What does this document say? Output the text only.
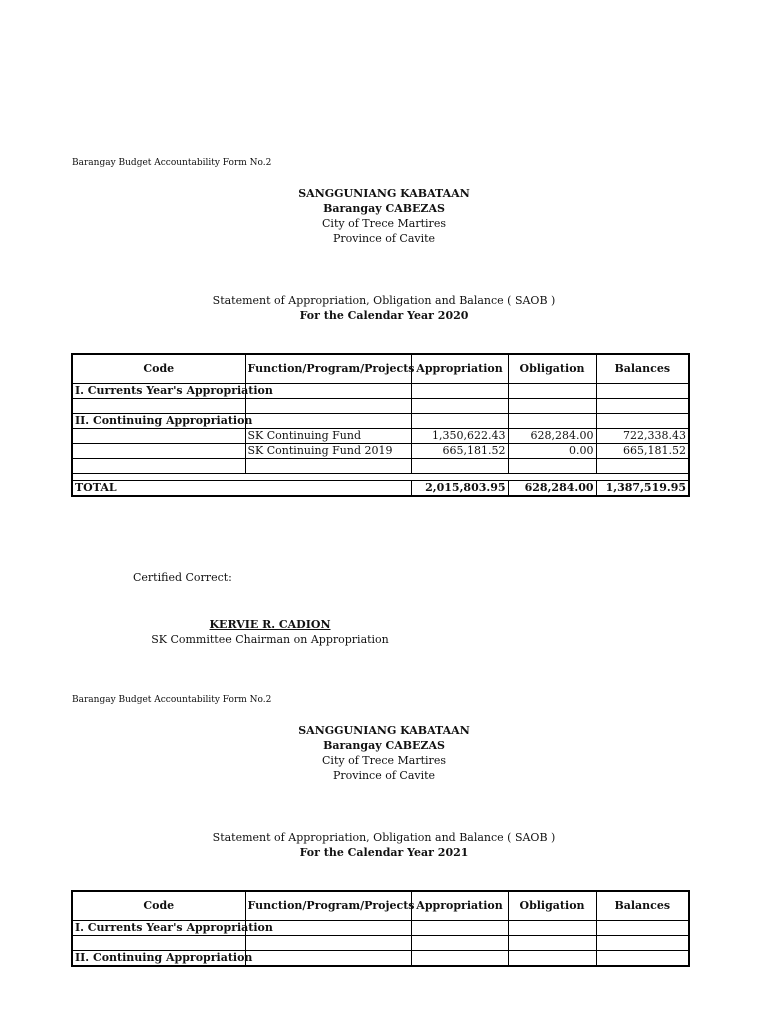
Barangay Budget Accountability Form No.2
SANGGUNIANG KABATAAN
Barangay CABEZAS
City of Trece Martires
Province of Cavite
Statement of Appropriation, Obligation and Balance ( SAOB )
For the Calendar Year 2020
Code	Function/Program/Projects	Appropriation	Obligation	Balances
I. Currents Year's Appropriation				

II. Continuing Appropriation				
	SK Continuing Fund	1,350,622.43	628,284.00	722,338.43
	SK Continuing Fund 2019	665,181.52	0.00	665,181.52

TOTAL		2,015,803.95	628,284.00	1,387,519.95
Certified Correct:
KERVIE R. CADION
SK Committee Chairman on Appropriation
Barangay Budget Accountability Form No.2
SANGGUNIANG KABATAAN
Barangay CABEZAS
City of Trece Martires
Province of Cavite
Statement of Appropriation, Obligation and Balance ( SAOB )
For the Calendar Year 2021
Code	Function/Program/Projects	Appropriation	Obligation	Balances
I. Currents Year's Appropriation				

II. Continuing Appropriation				
